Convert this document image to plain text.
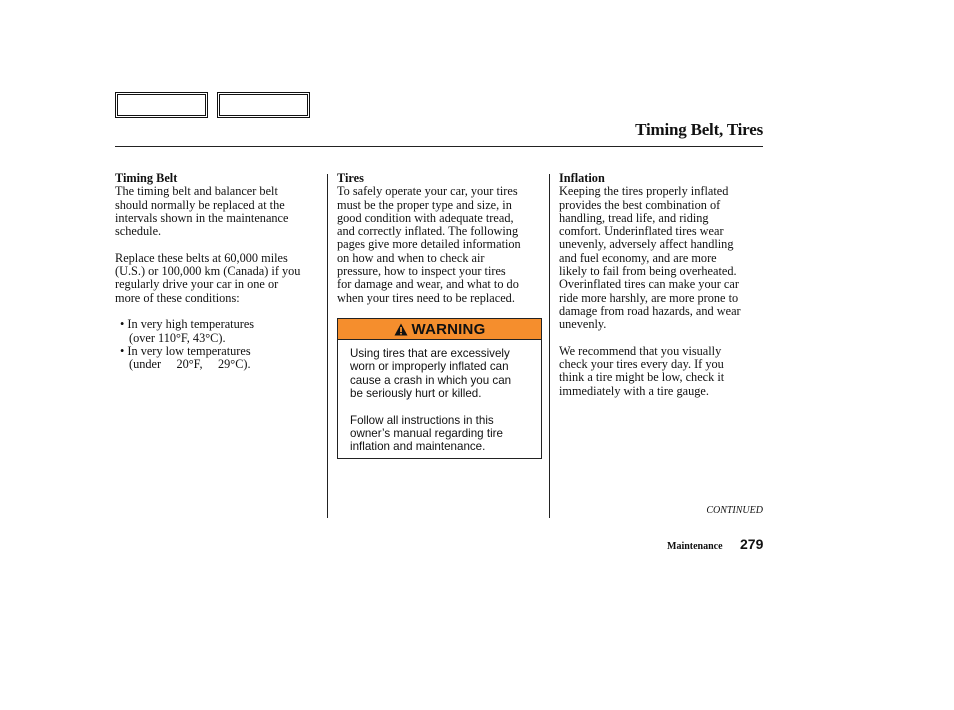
Timing Belt, Tires

Timing Belt

The timing belt and balancer belt
should normally be replaced at the
intervals shown in the maintenance
schedule.

Replace these belts at 60,000 miles
(U.S.) or 100,000 km (Canada) if you
regularly drive your car in one or
more of these conditions:

• In very high temperatures
(over 110°F, 43°C).
• In very low temperatures
(under     20°F,     29°C).

Tires

To safely operate your car, your tires
must be the proper type and size, in
good condition with adequate tread,
and correctly inflated. The following
pages give more detailed information
on how and when to check air
pressure, how to inspect your tires
for damage and wear, and what to do
when your tires need to be replaced.

WARNING
Using tires that are excessively
worn or improperly inflated can
cause a crash in which you can
be seriously hurt or killed.
Follow all instructions in this
owner’s manual regarding tire
inflation and maintenance.

Inflation

Keeping the tires properly inflated
provides the best combination of
handling, tread life, and riding
comfort. Underinflated tires wear
unevenly, adversely affect handling
and fuel economy, and are more
likely to fail from being overheated.
Overinflated tires can make your car
ride more harshly, are more prone to
damage from road hazards, and wear
unevenly.

We recommend that you visually
check your tires every day. If you
think a tire might be low, check it
immediately with a tire gauge.

CONTINUED
Maintenance 279
